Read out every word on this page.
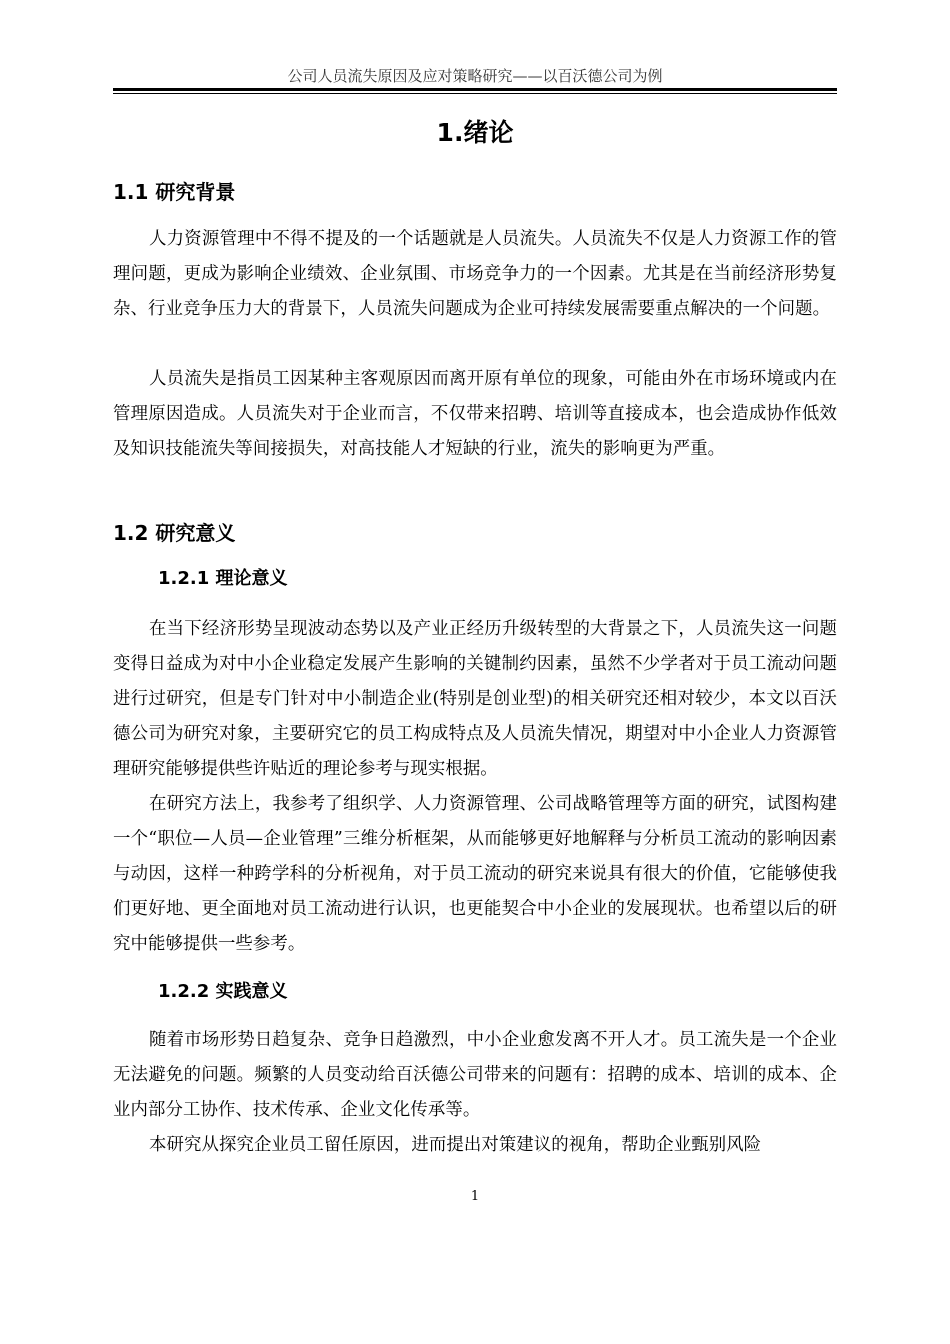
公司人员流失原因及应对策略研究——以百沃德公司为例
1.绪论
1.1 研究背景

人力资源管理中不得不提及的一个话题就是人员流失。人员流失不仅是人力资源工作的管理问题，更成为影响企业绩效、企业氛围、市场竞争力的一个因素。尤其是在当前经济形势复杂、行业竞争压力大的背景下，人员流失问题成为企业可持续发展需要重点解决的一个问题。

人员流失是指员工因某种主客观原因而离开原有单位的现象，可能由外在市场环境或内在管理原因造成。人员流失对于企业而言，不仅带来招聘、培训等直接成本，也会造成协作低效及知识技能流失等间接损失，对高技能人才短缺的行业，流失的影响更为严重。

1.2 研究意义
1.2.1 理论意义

在当下经济形势呈现波动态势以及产业正经历升级转型的大背景之下，人员流失这一问题变得日益成为对中小企业稳定发展产生影响的关键制约因素，虽然不少学者对于员工流动问题进行过研究，但是专门针对中小制造企业(特别是创业型)的相关研究还相对较少，本文以百沃德公司为研究对象，主要研究它的员工构成特点及人员流失情况，期望对中小企业人力资源管理研究能够提供些许贴近的理论参考与现实根据。

在研究方法上，我参考了组织学、人力资源管理、公司战略管理等方面的研究，试图构建一个“职位—人员—企业管理”三维分析框架，从而能够更好地解释与分析员工流动的影响因素与动因，这样一种跨学科的分析视角，对于员工流动的研究来说具有很大的价值，它能够使我们更好地、更全面地对员工流动进行认识，也更能契合中小企业的发展现状。也希望以后的研究中能够提供一些参考。

1.2.2 实践意义

随着市场形势日趋复杂、竞争日趋激烈，中小企业愈发离不开人才。员工流失是一个企业无法避免的问题。频繁的人员变动给百沃德公司带来的问题有：招聘的成本、培训的成本、企业内部分工协作、技术传承、企业文化传承等。

本研究从探究企业员工留任原因，进而提出对策建议的视角，帮助企业甄别风险

1
